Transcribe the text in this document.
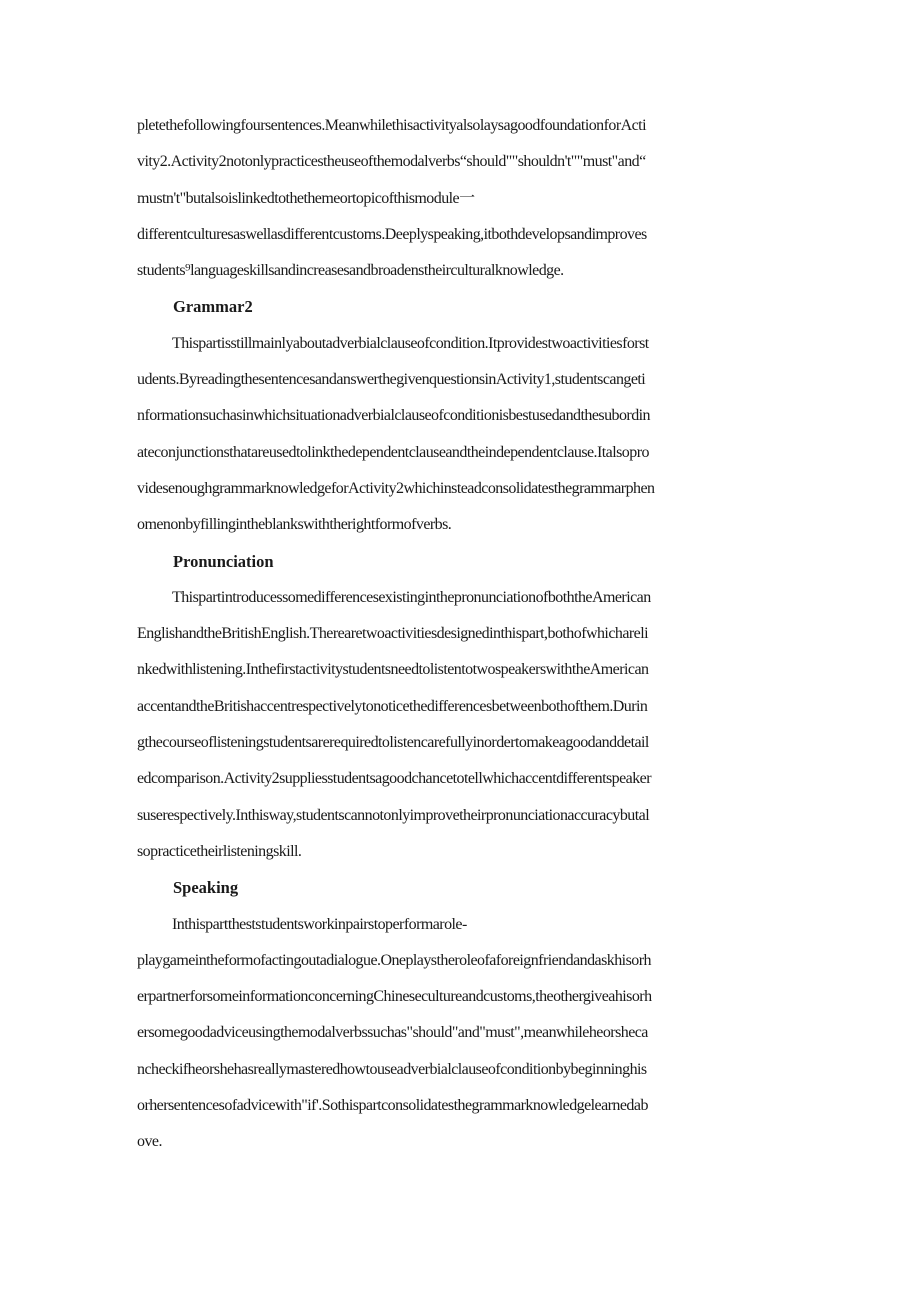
pletethefollowingfoursentences.MeanwhilethisactivityalsolaysagoodfoundationforActi
vity2.Activity2notonlypracticestheuseofthemodalverbs“should""shouldn't""must"and“
mustn't"butalsoislinkedtothethemeortopicofthismodule一
differentculturesaswellasdifferentcustoms.Deeplyspeaking,itbothdevelopsandimproves
students⁹languageskillsandincreasesandbroadenstheirculturalknowledge.
Grammar2
Thispartisstillmainlyaboutadverbialclauseofcondition.Itprovidestwoactivitiesforst
udents.ByreadingthesentencesandanswerthegivenquestionsinActivity1,studentscangeti
nformationsuchasinwhichsituationadverbialclauseofconditionisbestusedandthesubordin
ateconjunctionsthatareusedtolinkthedependentclauseandtheindependentclause.Italsopro
videsenoughgrammarknowledgeforActivity2whichinsteadconsolidatesthegrammarphen
omenonbyfillingintheblankswiththerightformofverbs.
Pronunciation
ThispartintroducessomedifferencesexistinginthepronunciationofboththeAmerican
EnglishandtheBritishEnglish.Therearetwoactivitiesdesignedinthispart,bothofwhichareli
nkedwithlistening.InthefirstactivitystudentsneedtolistentotwospeakerswiththeAmerican
accentandtheBritishaccentrespectivelytonoticethedifferencesbetweenbothofthem.Durin
gthecourseoflisteningstudentsarerequiredtolistencarefullyinordertomakeagoodanddetail
edcomparison.Activity2suppliesstudentsagoodchancetotellwhichaccentdifferentspeaker
suserespectively.Inthisway,studentscannotonlyimprovetheirpronunciationaccuracybutal
sopracticetheirlisteningskill.
Speaking
Inthisparttheststudentsworkinpairstoperformarole-
playgameintheformofactingoutadialogue.Oneplaystheroleofaforeignfriendandaskhisorh
erpartnerforsomeinformationconcerningChinesecultureandcustoms,theothergiveahisorh
ersomegoodadviceusingthemodalverbssuchas"should"and"must",meanwhileheorsheca
ncheckifheorshehasreallymasteredhowtouseadverbialclauseofconditionbybeginninghis
orhersentencesofadvicewith"if'.Sothispartconsolidatesthegrammarknowledgelearnedab
ove.
